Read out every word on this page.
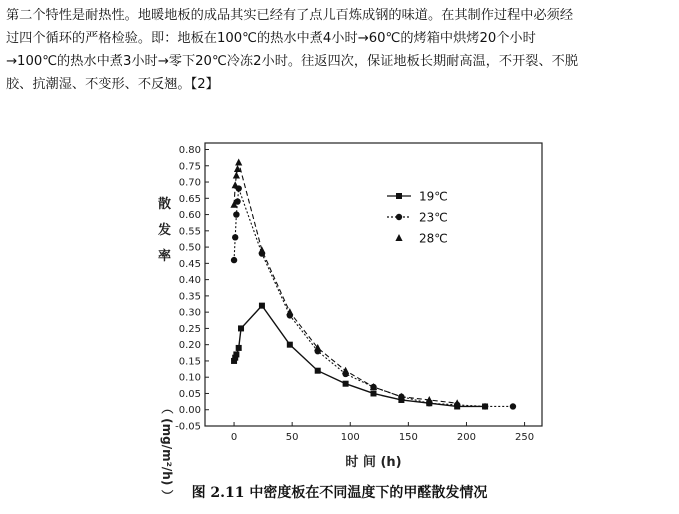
第二个特性是耐热性。地暖地板的成品其实已经有了点儿百炼成钢的味道。在其制作过程中必须经

过四个循环的严格检验。即：地板在100℃的热水中煮4小时→60℃的烤箱中烘烤20个小时

→100℃的热水中煮3小时→零下20℃冷冻2小时。往返四次，保证地板长期耐高温，不开裂、不脱

胶、抗潮湿、不变形、不反翘。【2】

-0.05
0.00
0.05
0.10
0.15
0.20
0.25
0.30
0.35
0.40
0.45
0.50
0.55
0.60
0.65
0.70
0.75
0.80
0	50	100	150	200	250
时 间 (h)
散发率
（ (mg/m²/h) ）
19℃
23℃
28℃
图 2.11 中密度板在不同温度下的甲醛散发情况
